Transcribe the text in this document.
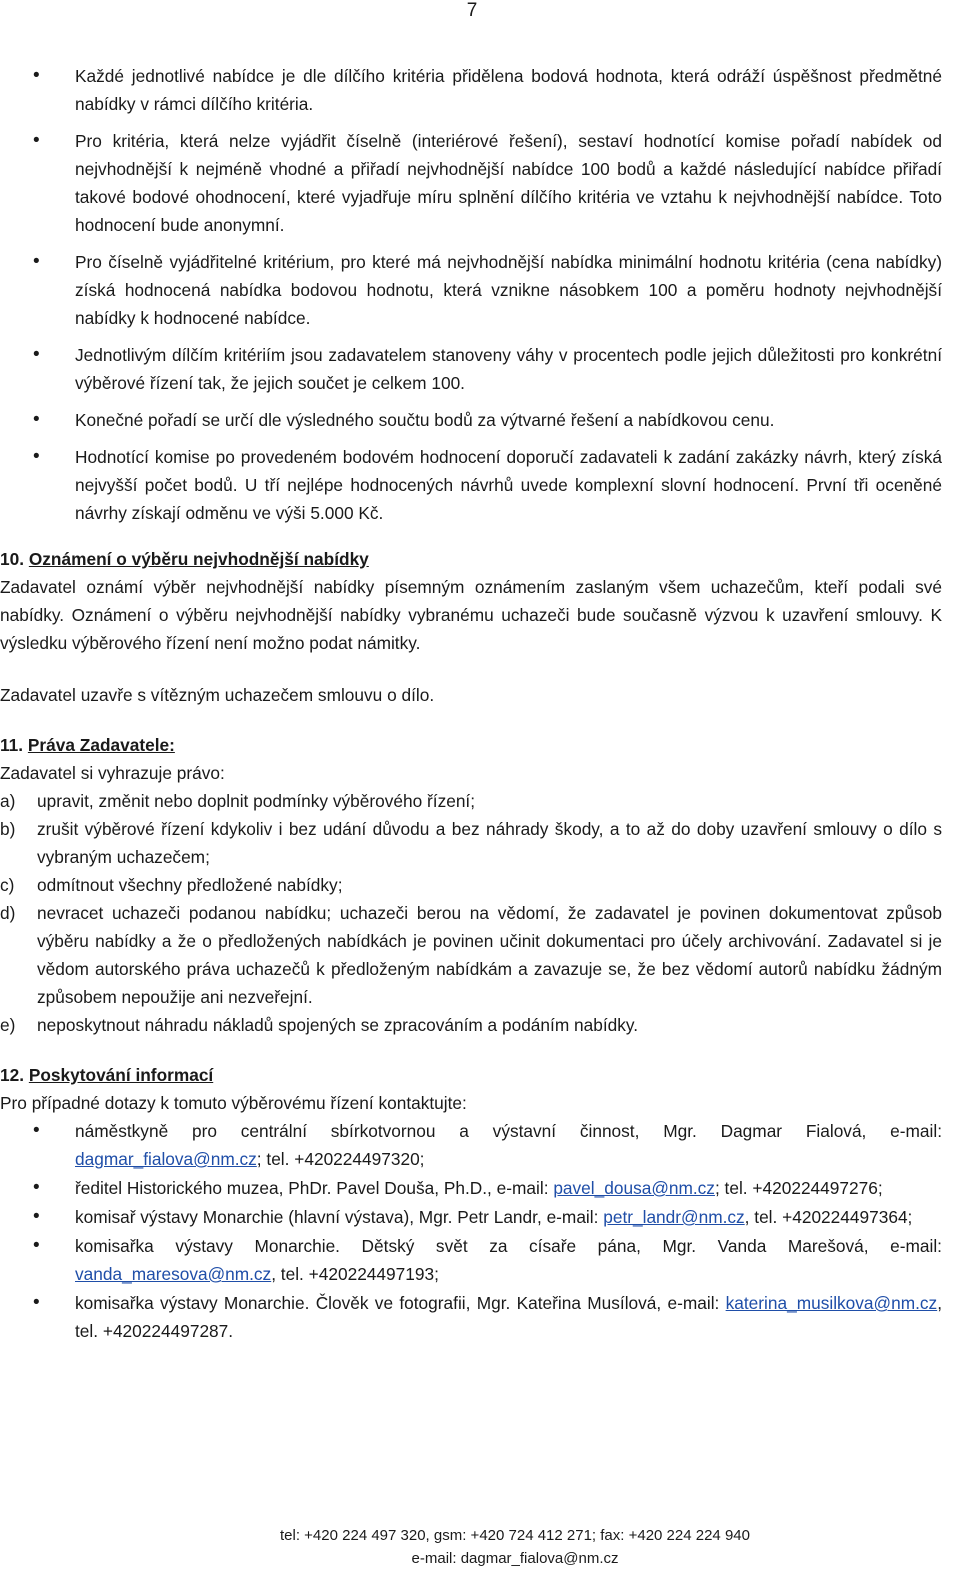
7
• Každé jednotlivé nabídce je dle dílčího kritéria přidělena bodová hodnota, která odráží úspěšnost předmětné nabídky v rámci dílčího kritéria.
• Pro kritéria, která nelze vyjádřit číselně (interiérové řešení), sestaví hodnotící komise pořadí nabídek od nejvhodnější k nejméně vhodné a přiřadí nejvhodnější nabídce 100 bodů a každé následující nabídce přiřadí takové bodové ohodnocení, které vyjadřuje míru splnění dílčího kritéria ve vztahu k nejvhodnější nabídce. Toto hodnocení bude anonymní.
• Pro číselně vyjádřitelné kritérium, pro které má nejvhodnější nabídka minimální hodnotu kritéria (cena nabídky) získá hodnocená nabídka bodovou hodnotu, která vznikne násobkem 100 a poměru hodnoty nejvhodnější nabídky k hodnocené nabídce.
• Jednotlivým dílčím kritériím jsou zadavatelem stanoveny váhy v procentech podle jejich důležitosti pro konkrétní výběrové řízení tak, že jejich součet je celkem 100.
• Konečné pořadí se určí dle výsledného součtu bodů za výtvarné řešení a nabídkovou cenu.
• Hodnotící komise po provedeném bodovém hodnocení doporučí zadavateli k zadání zakázky návrh, který získá nejvyšší počet bodů. U tří nejlépe hodnocených návrhů uvede komplexní slovní hodnocení. První tři oceněné návrhy získají odměnu ve výši 5.000 Kč.
10. Oznámení o výběru nejvhodnější nabídky

Zadavatel oznámí výběr nejvhodnější nabídky písemným oznámením zaslaným všem uchazečům, kteří podali své nabídky. Oznámení o výběru nejvhodnější nabídky vybranému uchazeči bude současně výzvou k uzavření smlouvy. K výsledku výběrového řízení není možno podat námitky.

Zadavatel uzavře s vítězným uchazečem smlouvu o dílo.

11. Práva Zadavatele:

Zadavatel si vyhrazuje právo:

a) upravit, změnit nebo doplnit podmínky výběrového řízení;
b) zrušit výběrové řízení kdykoliv i bez udání důvodu a bez náhrady škody, a to až do doby uzavření smlouvy o dílo s vybraným uchazečem;
c) odmítnout všechny předložené nabídky;
d) nevracet uchazeči podanou nabídku; uchazeči berou na vědomí, že zadavatel je povinen dokumentovat způsob výběru nabídky a že o předložených nabídkách je povinen učinit dokumentaci pro účely archivování. Zadavatel si je vědom autorského práva uchazečů k předloženým nabídkám a zavazuje se, že bez vědomí autorů nabídku žádným způsobem nepoužije ani nezveřejní.
e) neposkytnout náhradu nákladů spojených se zpracováním a podáním nabídky.
12. Poskytování informací

Pro případné dotazy k tomuto výběrovému řízení kontaktujte:

• náměstkyně pro centrální sbírkotvornou a výstavní činnost, Mgr. Dagmar Fialová, e-mail: dagmar_fialova@nm.cz; tel. +420224497320;
• ředitel Historického muzea, PhDr. Pavel Douša, Ph.D., e-mail: pavel_dousa@nm.cz; tel. +420224497276;
• komisař výstavy Monarchie (hlavní výstava), Mgr. Petr Landr, e-mail: petr_landr@nm.cz, tel. +420224497364;
• komisařka výstavy Monarchie. Dětský svět za císaře pána, Mgr. Vanda Marešová, e-mail: vanda_maresova@nm.cz, tel. +420224497193;
• komisařka výstavy Monarchie. Člověk ve fotografii, Mgr. Kateřina Musílová, e-mail: katerina_musilkova@nm.cz, tel. +420224497287.
tel: +420 224 497 320, gsm: +420 724 412 271; fax: +420 224 224 940
e-mail: dagmar_fialova@nm.cz
